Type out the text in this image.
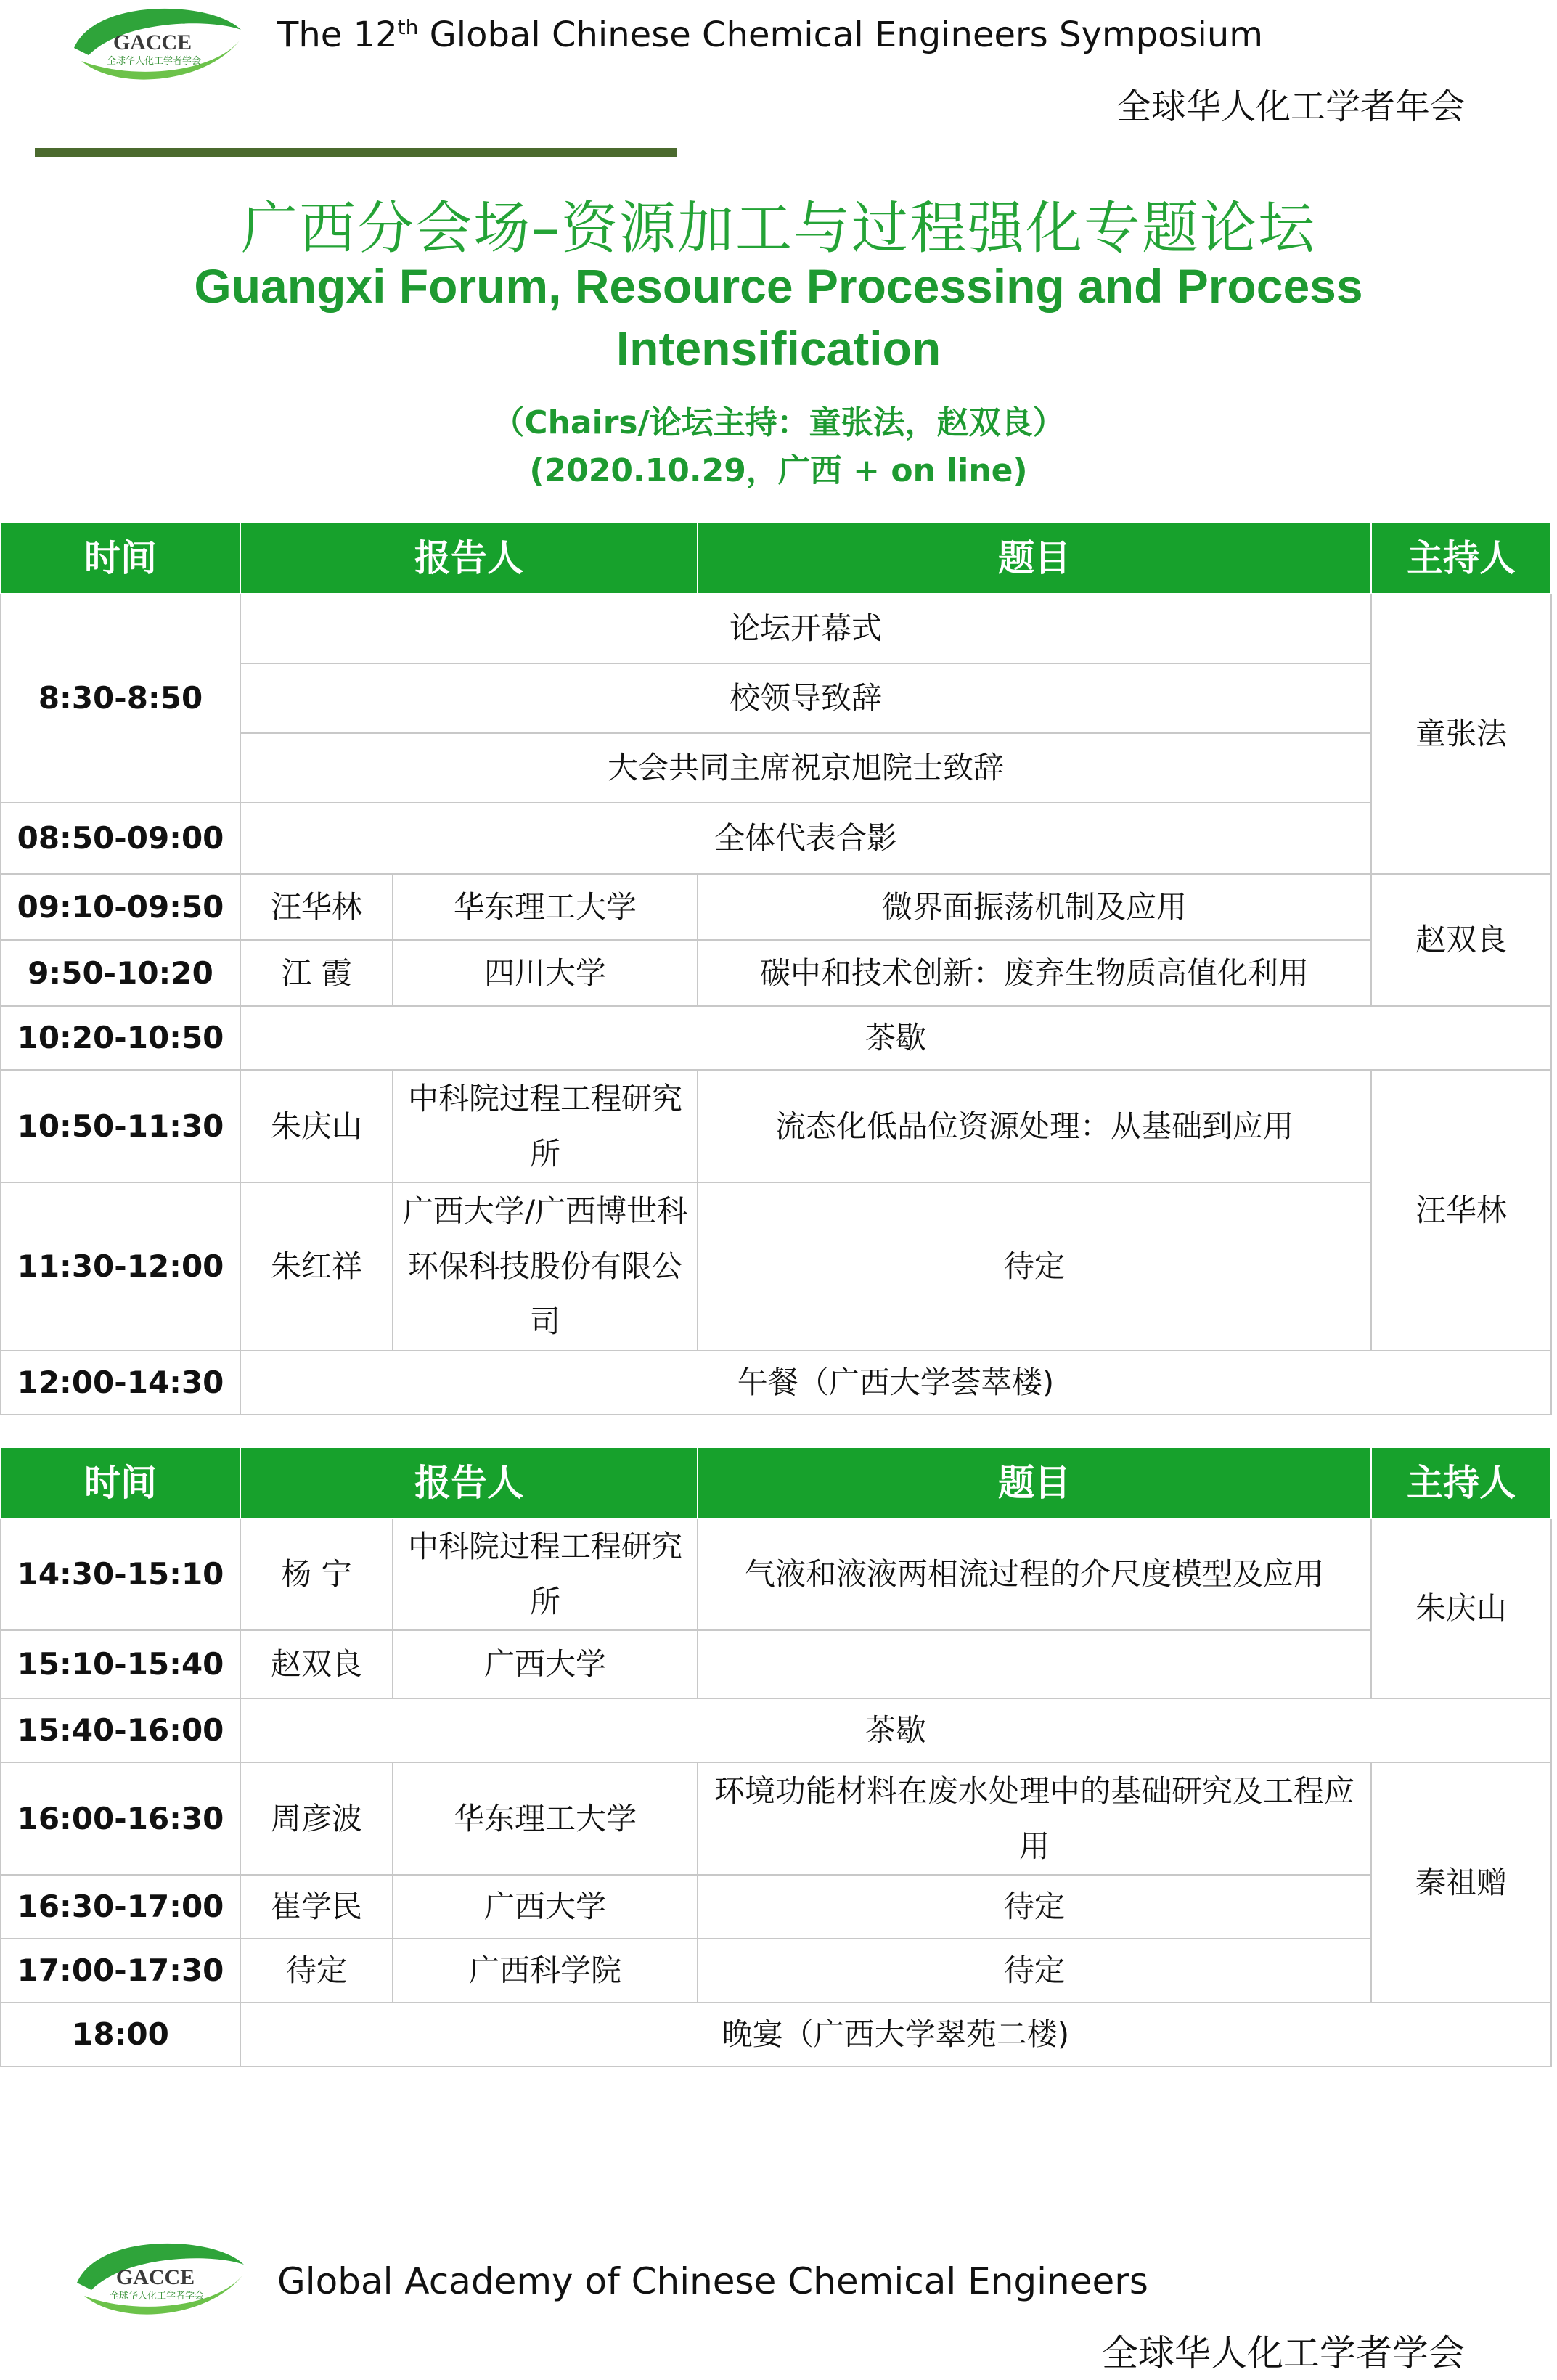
GACCE
全球华人化工学者学会
The 12th Global Chinese Chemical Engineers Symposium
全球华人化工学者年会
广西分会场–资源加工与过程强化专题论坛
Guangxi Forum, Resource Processing and Process
Intensification
（Chairs/论坛主持：童张法，赵双良）
(2020.10.29，广西 + on line)
时间	报告人		题目	主持人
8:30-8:50	论坛开幕式			童张法
	校领导致辞			
	大会共同主席祝京旭院士致辞			
08:50-09:00	全体代表合影			
09:10-09:50	汪华林	华东理工大学	微界面振荡机制及应用	赵双良
9:50-10:20	江 霞	四川大学	碳中和技术创新：废弃生物质高值化利用	
10:20-10:50	茶歇			
10:50-11:30	朱庆山	中科院过程工程研究所	流态化低品位资源处理：从基础到应用	汪华林
11:30-12:00	朱红祥	广西大学/广西博世科环保科技股份有限公司	待定	
12:00-14:30	午餐（广西大学荟萃楼)			
时间	报告人		题目	主持人
14:30-15:10	杨 宁	中科院过程工程研究所	气液和液液两相流过程的介尺度模型及应用	朱庆山
15:10-15:40	赵双良	广西大学		
15:40-16:00	茶歇			
16:00-16:30	周彦波	华东理工大学	环境功能材料在废水处理中的基础研究及工程应用	秦祖赠
16:30-17:00	崔学民	广西大学	待定	
17:00-17:30	待定	广西科学院	待定	
18:00	晚宴（广西大学翠苑二楼)			
GACCE
全球华人化工学者学会 Global Academy of Chinese Chemical Engineers
全球华人化工学者学会
